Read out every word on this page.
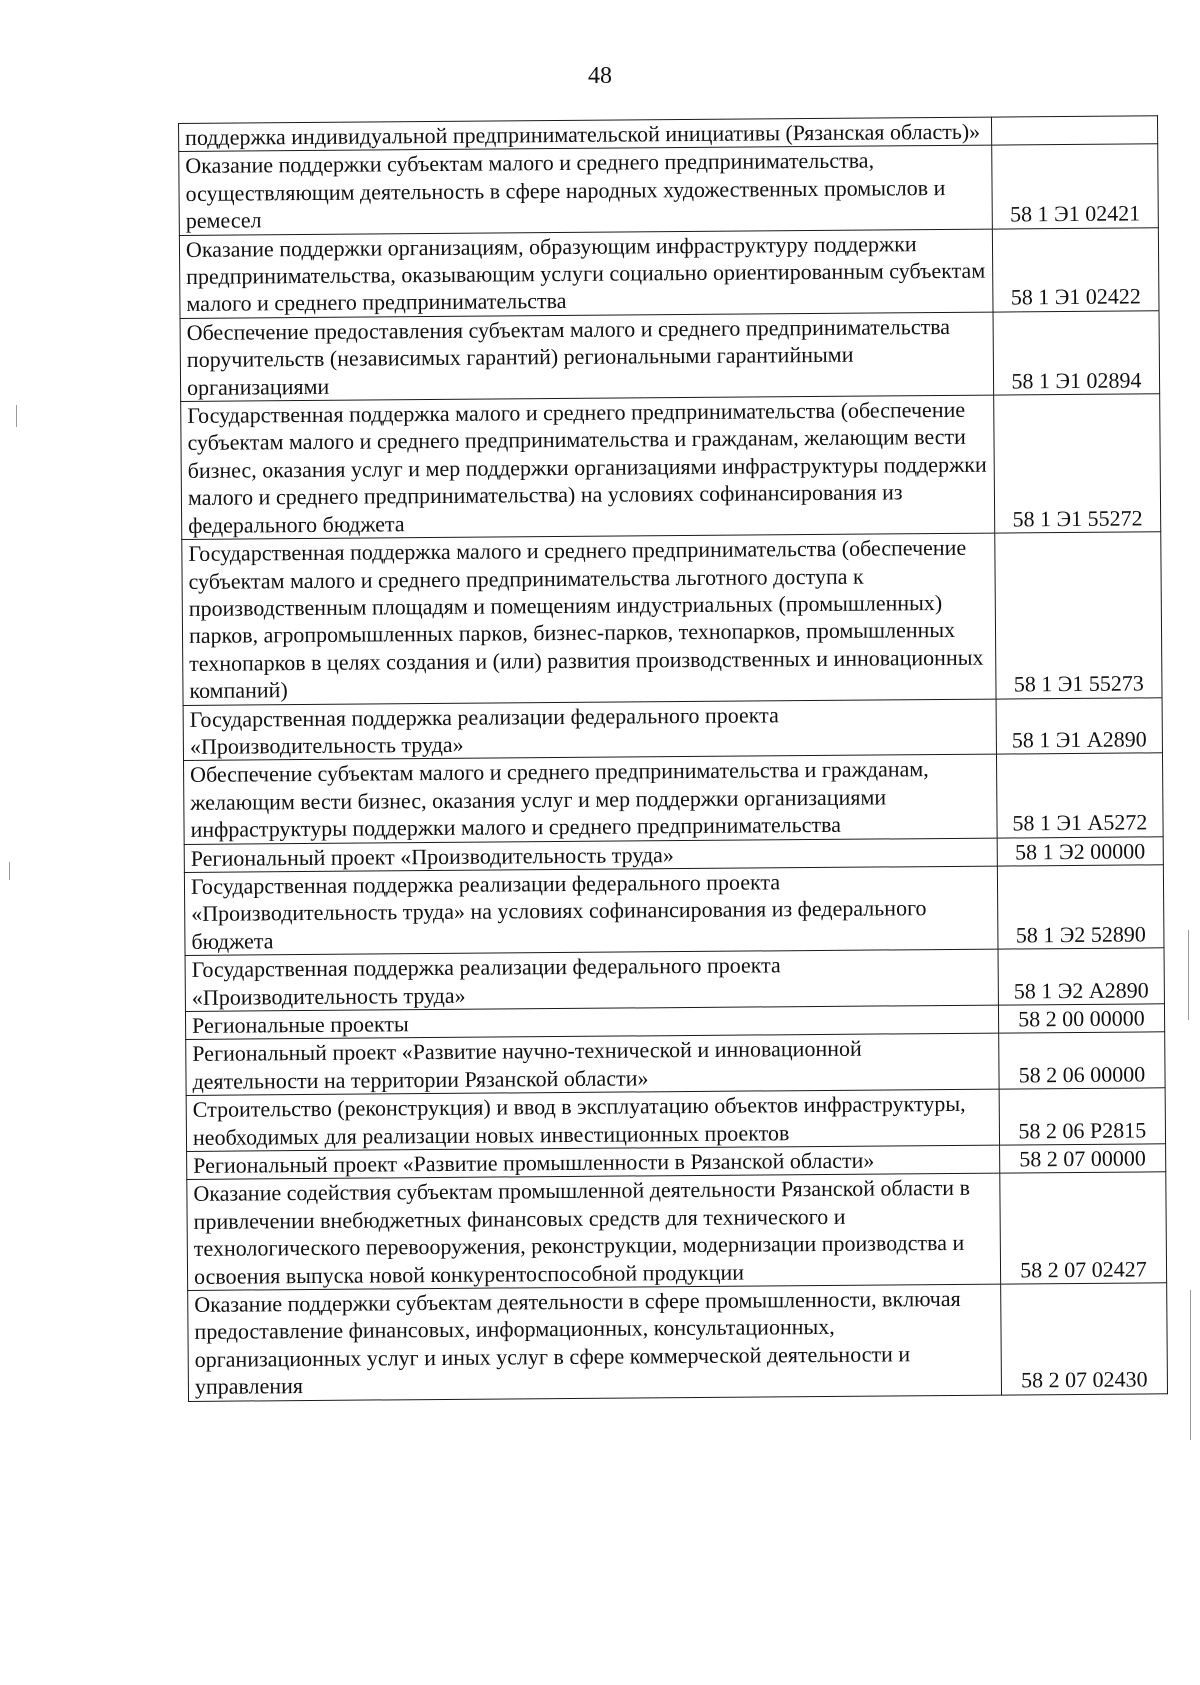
48
поддержка индивидуальной предпринимательской инициативы (Рязанская область)»	
Оказание поддержки субъектам малого и среднего предпринимательства, осуществляющим деятельность в сфере народных художественных промыслов и ремесел	58 1 Э1 02421
Оказание поддержки организациям, образующим инфраструктуру поддержки предпринимательства, оказывающим услуги социально ориентированным субъектам малого и среднего предпринимательства	58 1 Э1 02422
Обеспечение предоставления субъектам малого и среднего предпринимательства поручительств (независимых гарантий) региональными гарантийными организациями	58 1 Э1 02894
Государственная поддержка малого и среднего предпринимательства (обеспечение субъектам малого и среднего предпринимательства и гражданам, желающим вести бизнес, оказания услуг и мер поддержки организациями инфраструктуры поддержки малого и среднего предпринимательства) на условиях софинансирования из федерального бюджета	58 1 Э1 55272
Государственная поддержка малого и среднего предпринимательства (обеспечение субъектам малого и среднего предпринимательства льготного доступа к производственным площадям и помещениям индустриальных (промышленных) парков, агропромышленных парков, бизнес-парков, технопарков, промышленных технопарков в целях создания и (или) развития производственных и инновационных компаний)	58 1 Э1 55273
Государственная поддержка реализации федерального проекта «Производительность труда»	58 1 Э1 А2890
Обеспечение субъектам малого и среднего предпринимательства и гражданам, желающим вести бизнес, оказания услуг и мер поддержки организациями инфраструктуры поддержки малого и среднего предпринимательства	58 1 Э1 А5272
Региональный проект «Производительность труда»	58 1 Э2 00000
Государственная поддержка реализации федерального проекта «Производительность труда» на условиях софинансирования из федерального бюджета	58 1 Э2 52890
Государственная поддержка реализации федерального проекта «Производительность труда»	58 1 Э2 А2890
Региональные проекты	58 2 00 00000
Региональный проект «Развитие научно-технической и инновационной деятельности на территории Рязанской области»	58 2 06 00000
Строительство (реконструкция) и ввод в эксплуатацию объектов инфраструктуры, необходимых для реализации новых инвестиционных проектов	58 2 06 Р2815
Региональный проект «Развитие промышленности в Рязанской области»	58 2 07 00000
Оказание содействия субъектам промышленной деятельности Рязанской области в привлечении внебюджетных финансовых средств для технического и технологического перевооружения, реконструкции, модернизации производства и освоения выпуска новой конкурентоспособной продукции	58 2 07 02427
Оказание поддержки субъектам деятельности в сфере промышленности, включая предоставление финансовых, информационных, консультационных, организационных услуг и иных услуг в сфере коммерческой деятельности и управления	58 2 07 02430
